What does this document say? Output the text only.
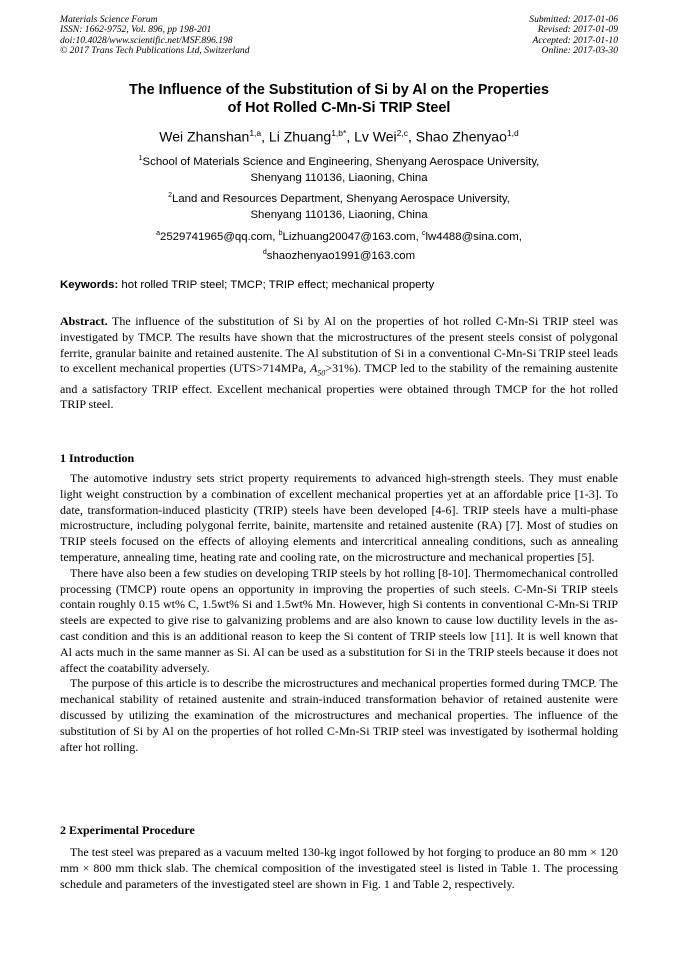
Materials Science Forum
ISSN: 1662-9752, Vol. 896, pp 198-201
doi:10.4028/www.scientific.net/MSF.896.198
© 2017 Trans Tech Publications Ltd, Switzerland
Submitted: 2017-01-06
Revised: 2017-01-09
Accepted: 2017-01-10
Online: 2017-03-30
The Influence of the Substitution of Si by Al on the Properties
of Hot Rolled C-Mn-Si TRIP Steel
Wei Zhanshan$^{1,a}$, Li Zhuang$^{1,b*}$, Lv Wei$^{2,c}$, Shao Zhenyao$^{1,d}$
$^1$School of Materials Science and Engineering, Shenyang Aerospace University,
Shenyang 110136, Liaoning, China
$^2$Land and Resources Department, Shenyang Aerospace University,
Shenyang 110136, Liaoning, China
$^a$2529741965@qq.com, $^b$Lizhuang20047@163.com, $^c$lw4488@sina.com,
$^d$shaozhenyao1991@163.com
Keywords: hot rolled TRIP steel; TMCP; TRIP effect; mechanical property
Abstract. The influence of the substitution of Si by Al on the properties of hot rolled C-Mn-Si TRIP steel was investigated by TMCP. The results have shown that the microstructures of the present steels consist of polygonal ferrite, granular bainite and retained austenite. The Al substitution of Si in a conventional C-Mn-Si TRIP steel leads to excellent mechanical properties (UTS>714MPa, $A_{50}>31\%$). TMCP led to the stability of the remaining austenite and a satisfactory TRIP effect. Excellent mechanical properties were obtained through TMCP for the hot rolled TRIP steel.
1 Introduction

The automotive industry sets strict property requirements to advanced high-strength steels. They must enable light weight construction by a combination of excellent mechanical properties yet at an affordable price [1-3]. To date, transformation-induced plasticity (TRIP) steels have been developed [4-6]. TRIP steels have a multi-phase microstructure, including polygonal ferrite, bainite, martensite and retained austenite (RA) [7]. Most of studies on TRIP steels focused on the effects of alloying elements and intercritical annealing conditions, such as annealing temperature, annealing time, heating rate and cooling rate, on the microstructure and mechanical properties [5].

There have also been a few studies on developing TRIP steels by hot rolling [8-10]. Thermomechanical controlled processing (TMCP) route opens an opportunity in improving the properties of such steels. C-Mn-Si TRIP steels contain roughly 0.15 wt% C, 1.5wt% Si and 1.5wt% Mn. However, high Si contents in conventional C-Mn-Si TRIP steels are expected to give rise to galvanizing problems and are also known to cause low ductility levels in the as-cast condition and this is an additional reason to keep the Si content of TRIP steels low [11]. It is well known that Al acts much in the same manner as Si. Al can be used as a substitution for Si in the TRIP steels because it does not affect the coatability adversely.

The purpose of this article is to describe the microstructures and mechanical properties formed during TMCP. The mechanical stability of retained austenite and strain-induced transformation behavior of retained austenite were discussed by utilizing the examination of the microstructures and mechanical properties. The influence of the substitution of Si by Al on the properties of hot rolled C-Mn-Si TRIP steel was investigated by isothermal holding after hot rolling.

2 Experimental Procedure

The test steel was prepared as a vacuum melted 130-kg ingot followed by hot forging to produce an 80 mm × 120 mm × 800 mm thick slab. The chemical composition of the investigated steel is listed in Table 1. The processing schedule and parameters of the investigated steel are shown in Fig. 1 and Table 2, respectively.
